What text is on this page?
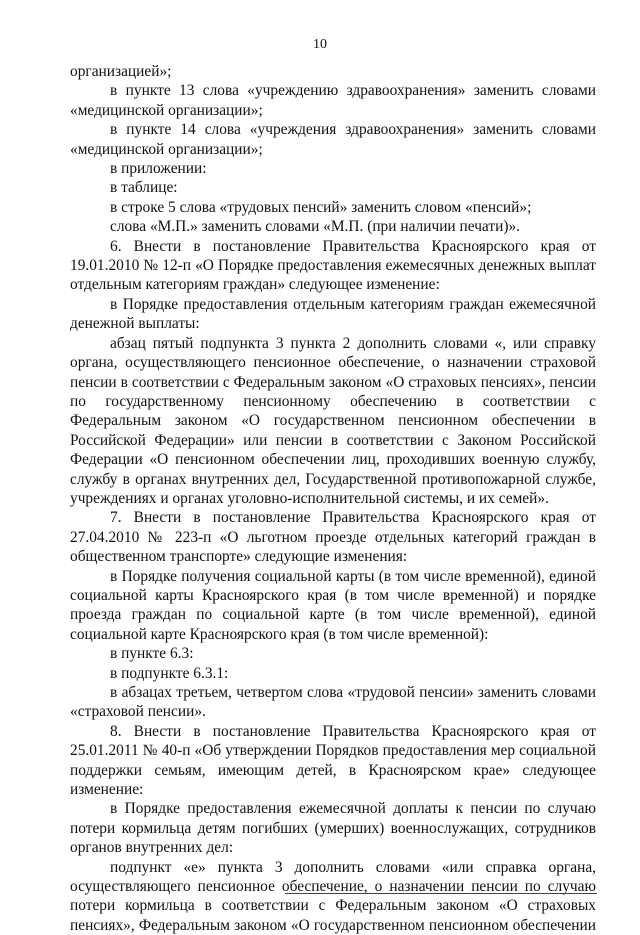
10

организацией»;

в пункте 13 слова «учреждению здравоохранения» заменить словами «медицинской организации»;

в пункте 14 слова «учреждения здравоохранения» заменить словами «медицинской организации»;

в приложении:

в таблице:

в строке 5 слова «трудовых пенсий» заменить словом «пенсий»;

слова «М.П.» заменить словами «М.П. (при наличии печати)».

6. Внести в постановление Правительства Красноярского края от 19.01.2010 № 12-п «О Порядке предоставления ежемесячных денежных выплат отдельным категориям граждан» следующее изменение:

в Порядке предоставления отдельным категориям граждан ежемесячной денежной выплаты:

абзац пятый подпункта 3 пункта 2 дополнить словами «, или справку органа, осуществляющего пенсионное обеспечение, о назначении страховой пенсии в соответствии с Федеральным законом «О страховых пенсиях», пенсии по государственному пенсионному обеспечению в соответствии с Федеральным законом «О государственном пенсионном обеспечении в Российской Федерации» или пенсии в соответствии с Законом Российской Федерации «О пенсионном обеспечении лиц, проходивших военную службу, службу в органах внутренних дел, Государственной противопожарной службе, учреждениях и органах уголовно-исполнительной системы, и их семей».

7. Внести в постановление Правительства Красноярского края от 27.04.2010 № 223-п «О льготном проезде отдельных категорий граждан в общественном транспорте» следующие изменения:

в Порядке получения социальной карты (в том числе временной), единой социальной карты Красноярского края (в том числе временной) и порядке проезда граждан по социальной карте (в том числе временной), единой социальной карте Красноярского края (в том числе временной):

в пункте 6.3:

в подпункте 6.3.1:

в абзацах третьем, четвертом слова «трудовой пенсии» заменить словами «страховой пенсии».

8. Внести в постановление Правительства Красноярского края от 25.01.2011 № 40-п «Об утверждении Порядков предоставления мер социальной поддержки семьям, имеющим детей, в Красноярском крае» следующее изменение:

в Порядке предоставления ежемесячной доплаты к пенсии по случаю потери кормильца детям погибших (умерших) военнослужащих, сотрудников органов внутренних дел:

подпункт «е» пункта 3 дополнить словами «или справка органа, осуществляющего пенсионное обеспечение, о назначении пенсии по случаю потери кормильца в соответствии с Федеральным законом «О страховых пенсиях», Федеральным законом «О государственном пенсионном обеспечении
